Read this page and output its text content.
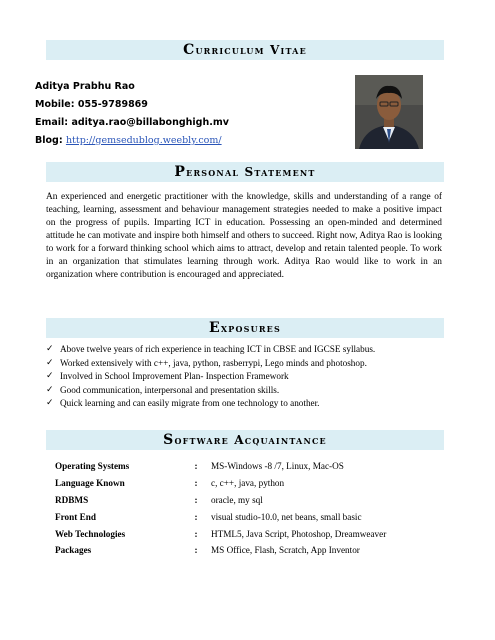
Curriculum Vitae
Aditya Prabhu Rao
Mobile: 055-9789869
Email: aditya.rao@billabonghigh.mv
Blog: http://gemsedublog.weebly.com/
Personal Statement
An experienced and energetic practitioner with the knowledge, skills and understanding of a range of teaching, learning, assessment and behaviour management strategies needed to make a positive impact on the progress of pupils. Imparting ICT in education. Possessing an open-minded and determined attitude he can motivate and inspire both himself and others to succeed. Right now, Aditya Rao is looking to work for a forward thinking school which aims to attract, develop and retain talented people. To work in an organization that stimulates learning through work. Aditya Rao would like to work in an organization where contribution is encouraged and appreciated.
Exposures
✓ Above twelve years of rich experience in teaching ICT in CBSE and IGCSE syllabus.
✓ Worked extensively with c++, java, python, rasberrypi, Lego minds and photoshop.
✓ Involved in School Improvement Plan- Inspection Framework
✓ Good communication, interpersonal and presentation skills.
✓ Quick learning and can easily migrate from one technology to another.
Software Acquaintance
Operating Systems	:	MS-Windows -8 /7, Linux, Mac-OS
Language Known	:	c, c++, java, python
RDBMS	:	oracle, my sql
Front End	:	visual studio-10.0, net beans, small basic
Web Technologies	:	HTML5, Java Script, Photoshop, Dreamweaver
Packages	:	MS Office, Flash, Scratch, App Inventor
